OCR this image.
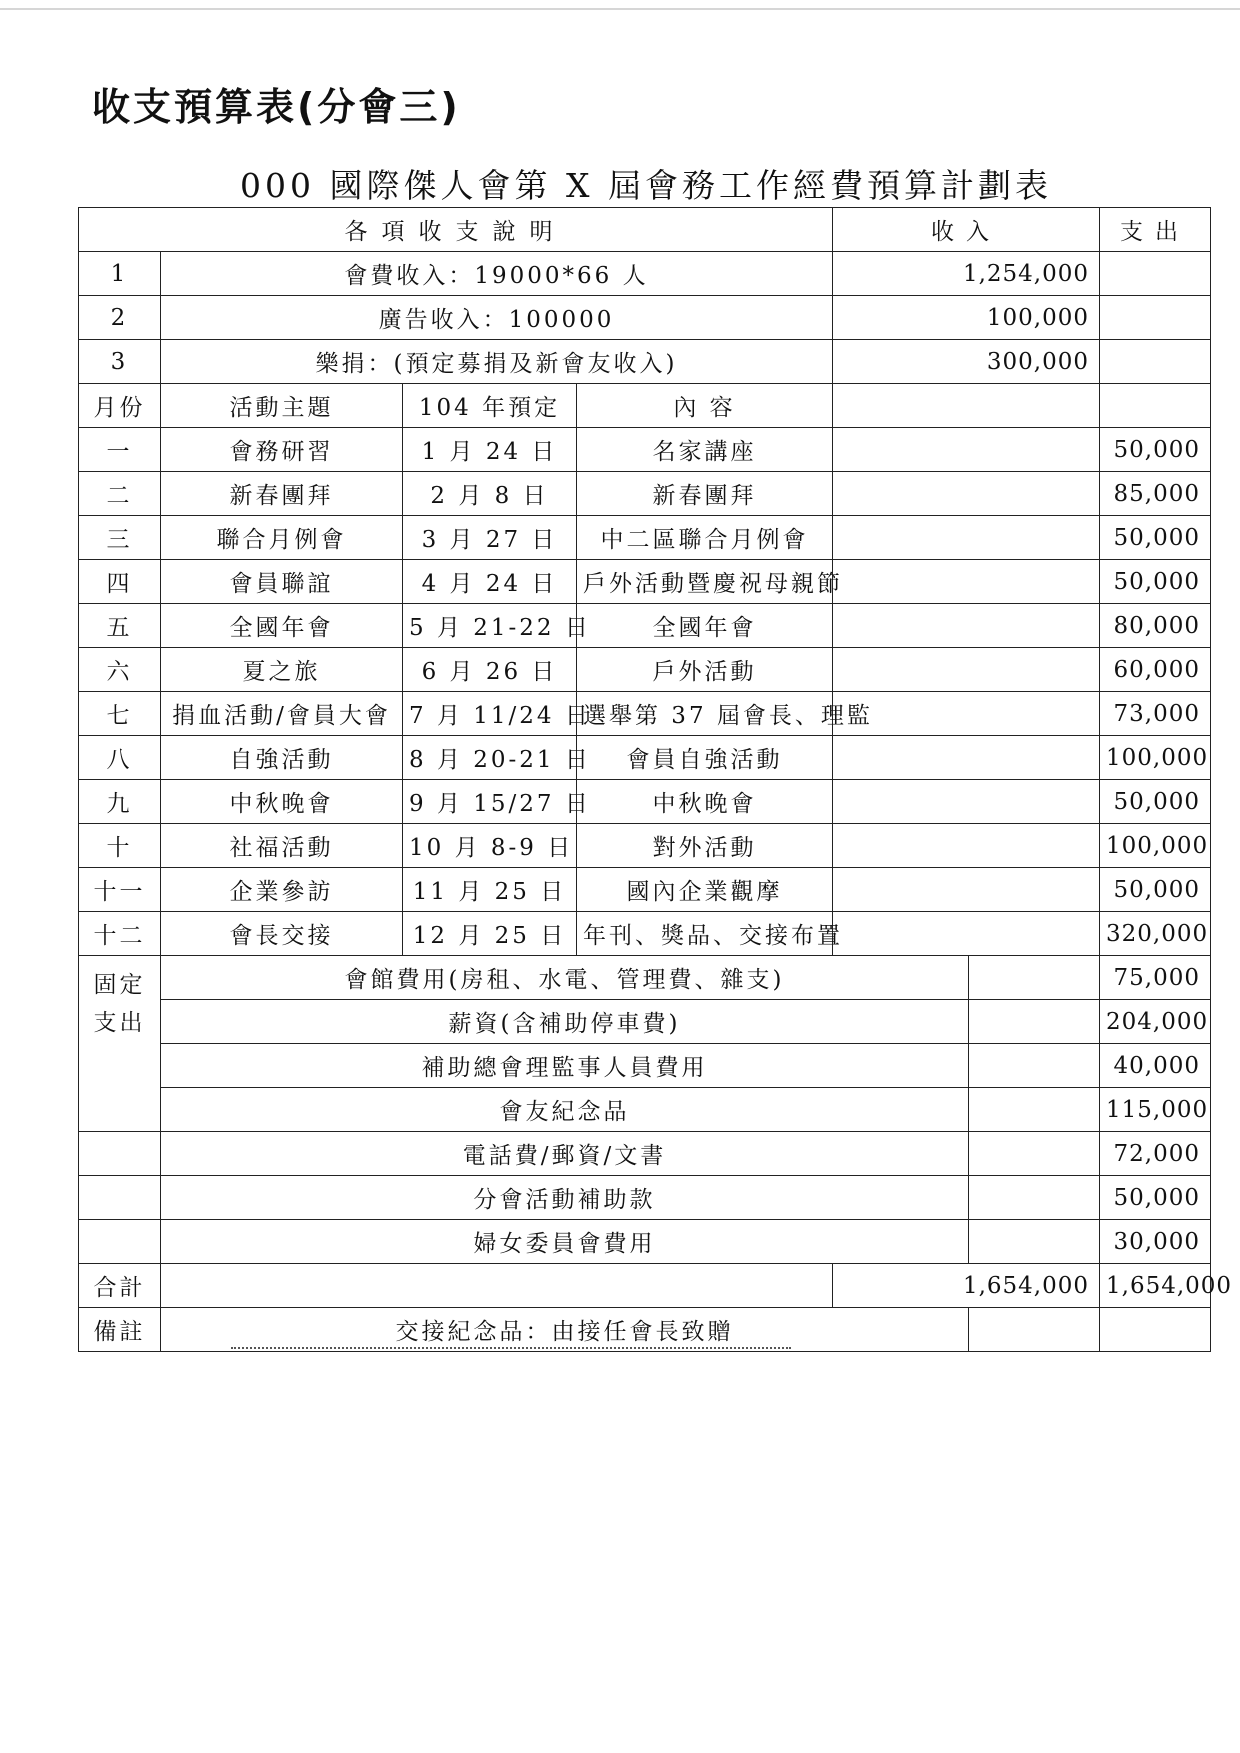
收支預算表(分會三)
000 國際傑人會第 X 屆會務工作經費預算計劃表
各項收支說明				收入		支出
1	會費收入：19000*66 人			1,254,000		
2	廣告收入：100000			100,000		
3	樂捐：(預定募捐及新會友收入)			300,000		
月份	活動主題	104 年預定	內 容			
一	會務研習	1 月 24 日	名家講座			50,000
二	新春團拜	2 月 8 日	新春團拜			85,000
三	聯合月例會	3 月 27 日	中二區聯合月例會			50,000
四	會員聯誼	4 月 24 日	戶外活動暨慶祝母親節			50,000
五	全國年會	5 月 21-22 日	全國年會			80,000
六	夏之旅	6 月 26 日	戶外活動			60,000
七	捐血活動/會員大會	7 月 11/24 日	選舉第 37 屆會長、理監			73,000
八	自強活動	8 月 20-21 日	會員自強活動			100,000
九	中秋晚會	9 月 15/27 日	中秋晚會			50,000
十	社福活動	10 月 8-9 日	對外活動			100,000
十一	企業參訪	11 月 25 日	國內企業觀摩			50,000
十二	會長交接	12 月 25 日	年刊、獎品、交接布置			320,000

固定
支出	會館費用(房租、水電、管理費、雜支)					75,000
	薪資(含補助停車費)					204,000
	補助總會理監事人員費用					40,000
	會友紀念品					115,000
	電話費/郵資/文書					72,000
	分會活動補助款					50,000
	婦女委員會費用					30,000
合計				1,654,000		1,654,000
備註	交接紀念品：由接任會長致贈			
